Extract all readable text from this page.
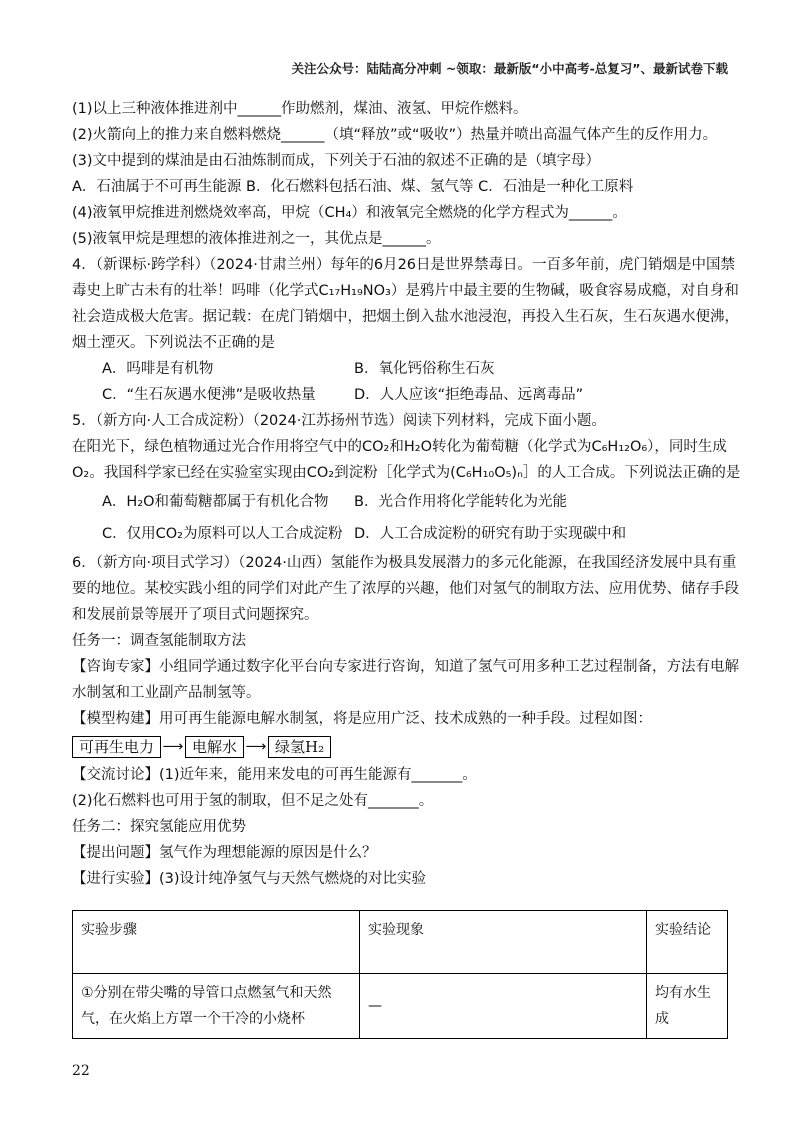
关注公众号：陆陆高分冲刺 ~领取：最新版“小中高考-总复习”、最新试卷下载
(1)以上三种液体推进剂中______作助燃剂，煤油、液氢、甲烷作燃料。
(2)火箭向上的推力来自燃料燃烧______（填“释放”或“吸收”）热量并喷出高温气体产生的反作用力。
(3)文中提到的煤油是由石油炼制而成，下列关于石油的叙述不正确的是（填字母）
A．石油属于不可再生能源 B．化石燃料包括石油、煤、氢气等 C．石油是一种化工原料
(4)液氧甲烷推进剂燃烧效率高，甲烷（CH₄）和液氧完全燃烧的化学方程式为______。
(5)液氧甲烷是理想的液体推进剂之一，其优点是______。
4．（新课标·跨学科）（2024·甘肃兰州）每年的6月26日是世界禁毒日。一百多年前，虎门销烟是中国禁
毒史上旷古未有的壮举！吗啡（化学式C₁₇H₁₉NO₃）是鸦片中最主要的生物碱，吸食容易成瘾，对自身和
社会造成极大危害。据记载：在虎门销烟中，把烟土倒入盐水池浸泡，再投入生石灰，生石灰遇水便沸，
烟土湮灭。下列说法不正确的是
A．吗啡是有机物	B．氧化钙俗称生石灰
C．“生石灰遇水便沸”是吸收热量	D．人人应该“拒绝毒品、远离毒品”
5．（新方向·人工合成淀粉）（2024·江苏扬州节选）阅读下列材料，完成下面小题。
在阳光下，绿色植物通过光合作用将空气中的CO₂和H₂O转化为葡萄糖（化学式为C₆H₁₂O₆），同时生成
O₂。我国科学家已经在实验室实现由CO₂到淀粉［化学式为(C₆H₁₀O₅)ₙ］的人工合成。下列说法正确的是
A．H₂O和葡萄糖都属于有机化合物	B．光合作用将化学能转化为光能
C．仅用CO₂为原料可以人工合成淀粉 D．人工合成淀粉的研究有助于实现碳中和
6．（新方向·项目式学习）（2024·山西）氢能作为极具发展潜力的多元化能源，在我国经济发展中具有重
要的地位。某校实践小组的同学们对此产生了浓厚的兴趣，他们对氢气的制取方法、应用优势、储存手段
和发展前景等展开了项目式问题探究。
任务一：调查氢能制取方法
【咨询专家】小组同学通过数字化平台向专家进行咨询，知道了氢气可用多种工艺过程制备，方法有电解
水制氢和工业副产品制氢等。
【模型构建】用可再生能源电解水制氢，将是应用广泛、技术成熟的一种手段。过程如图：
可再生电力 ⟶ 电解水 ⟶ 绿氢H₂
【交流讨论】(1)近年来，能用来发电的可再生能源有_______。
(2)化石燃料也可用于氢的制取，但不足之处有_______。
任务二：探究氢能应用优势
【提出问题】氢气作为理想能源的原因是什么？
【进行实验】(3)设计纯净氢气与天然气燃烧的对比实验
实验步骤	实验现象	实验结论
①分别在带尖嘴的导管口点燃氢气和天然气，在火焰上方罩一个干冷的小烧杯	—	均有水生成
22
